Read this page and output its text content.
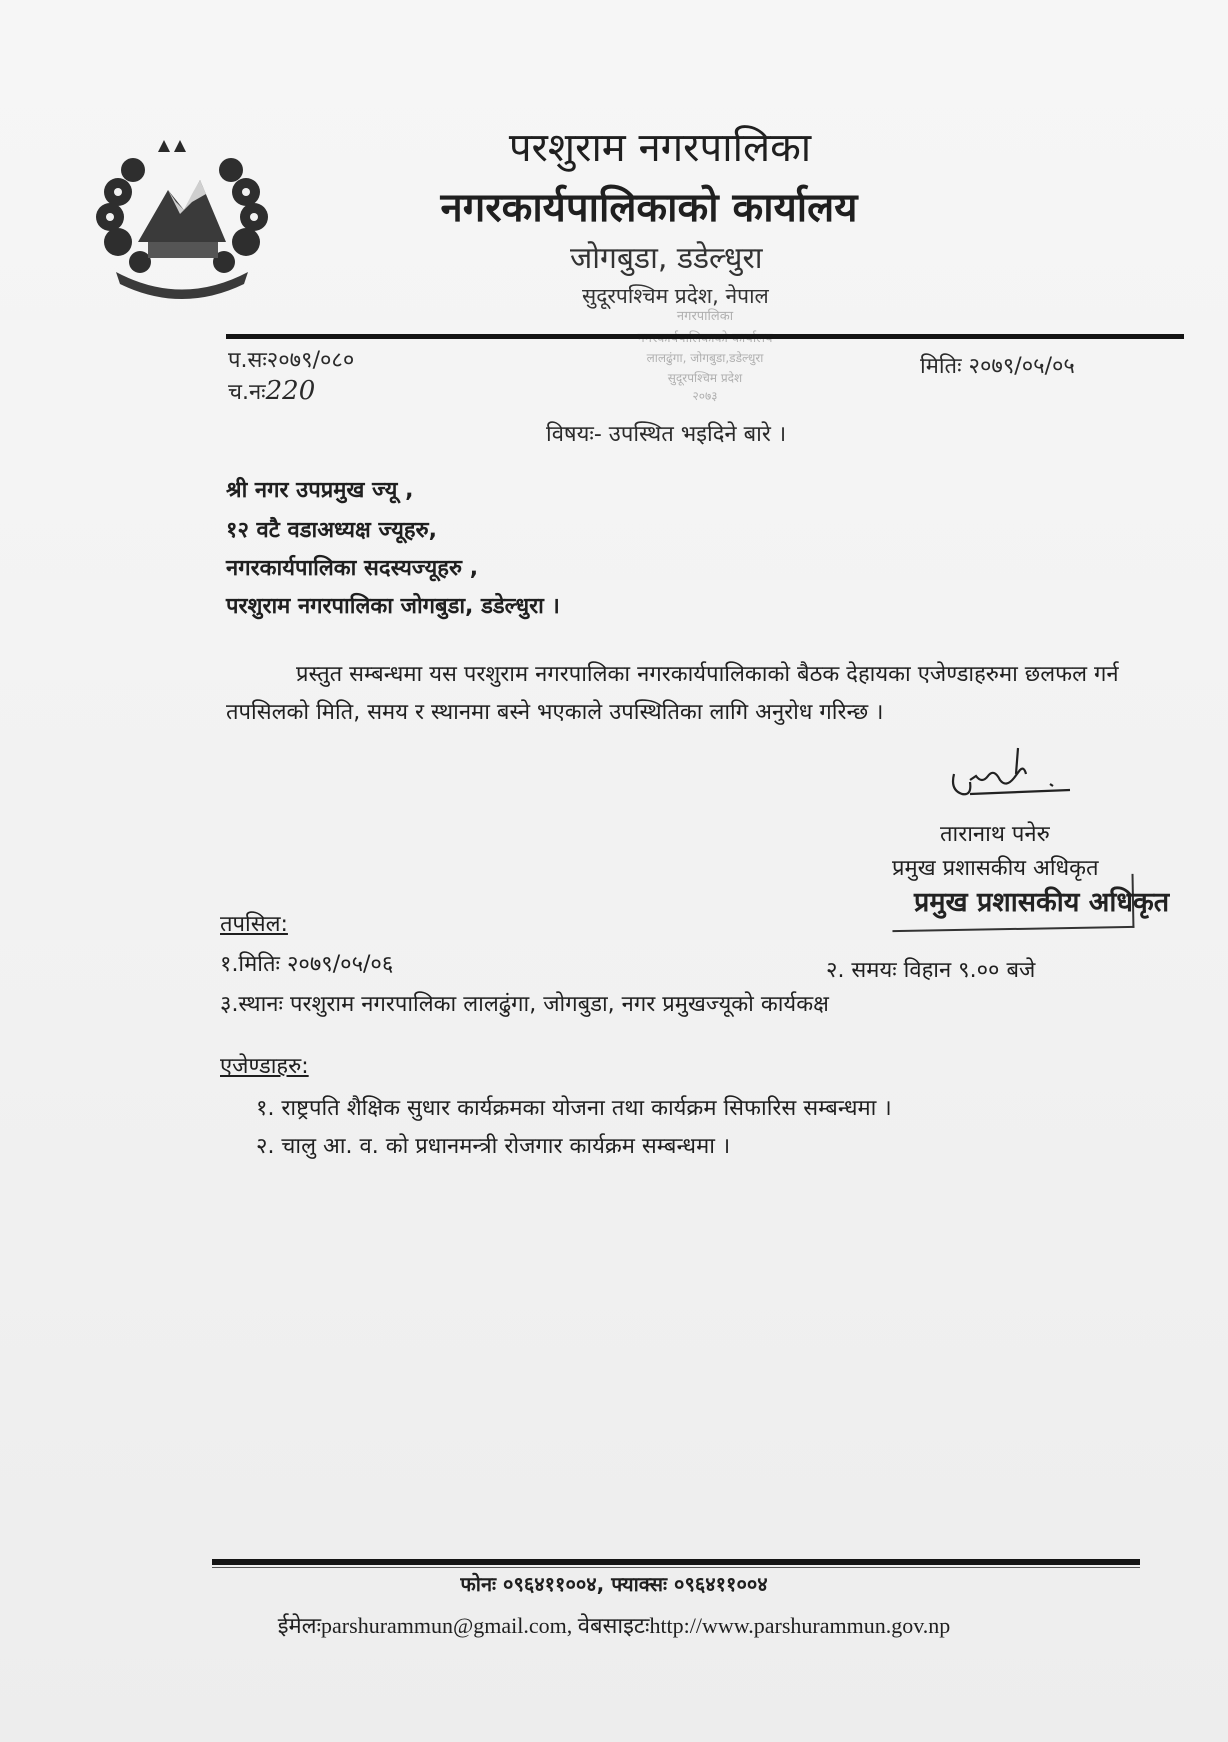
परशुराम नगरपालिका
नगरकार्यपालिकाको कार्यालय
जोगबुडा, डडेल्धुरा
सुदूरपश्चिम प्रदेश, नेपाल
नगरपालिका
लालढुंगा, जोगबुडा,डडेल्धुरा
सुदूरपश्चिम प्रदेश
२०७३
प.सः२०७९/०८०
च.नः220
मितिः २०७९/०५/०५
विषयः- उपस्थित भइदिने बारे ।
श्री नगर उपप्रमुख ज्यू ,
१२ वटै वडाअध्यक्ष ज्यूहरु,
नगरकार्यपालिका सदस्यज्यूहरु ,
परशुराम नगरपालिका जोगबुडा, डडेल्धुरा ।
प्रस्तुत सम्बन्धमा यस परशुराम नगरपालिका नगरकार्यपालिकाको बैठक देहायका एजेण्डाहरुमा छलफल गर्न तपसिलको मिति, समय र स्थानमा बस्ने भएकाले उपस्थितिका लागि अनुरोध गरिन्छ ।
तारानाथ पनेरु
प्रमुख प्रशासकीय अधिकृत
प्रमुख प्रशासकीय अधिकृत
तपसिल:
१.मितिः २०७९/०५/०६	२. समयः विहान ९.०० बजे
३.स्थानः परशुराम नगरपालिका लालढुंगा, जोगबुडा, नगर प्रमुखज्यूको कार्यकक्ष
एजेण्डाहरु:
१. राष्ट्रपति शैक्षिक सुधार कार्यक्रमका योजना तथा कार्यक्रम सिफारिस सम्बन्धमा ।
२. चालु आ. व. को प्रधानमन्त्री रोजगार कार्यक्रम सम्बन्धमा ।
फोनः ०९६४११००४, फ्याक्सः ०९६४११००४
ईमेलःparshurammun@gmail.com, वेबसाइटःhttp://www.parshurammun.gov.np
